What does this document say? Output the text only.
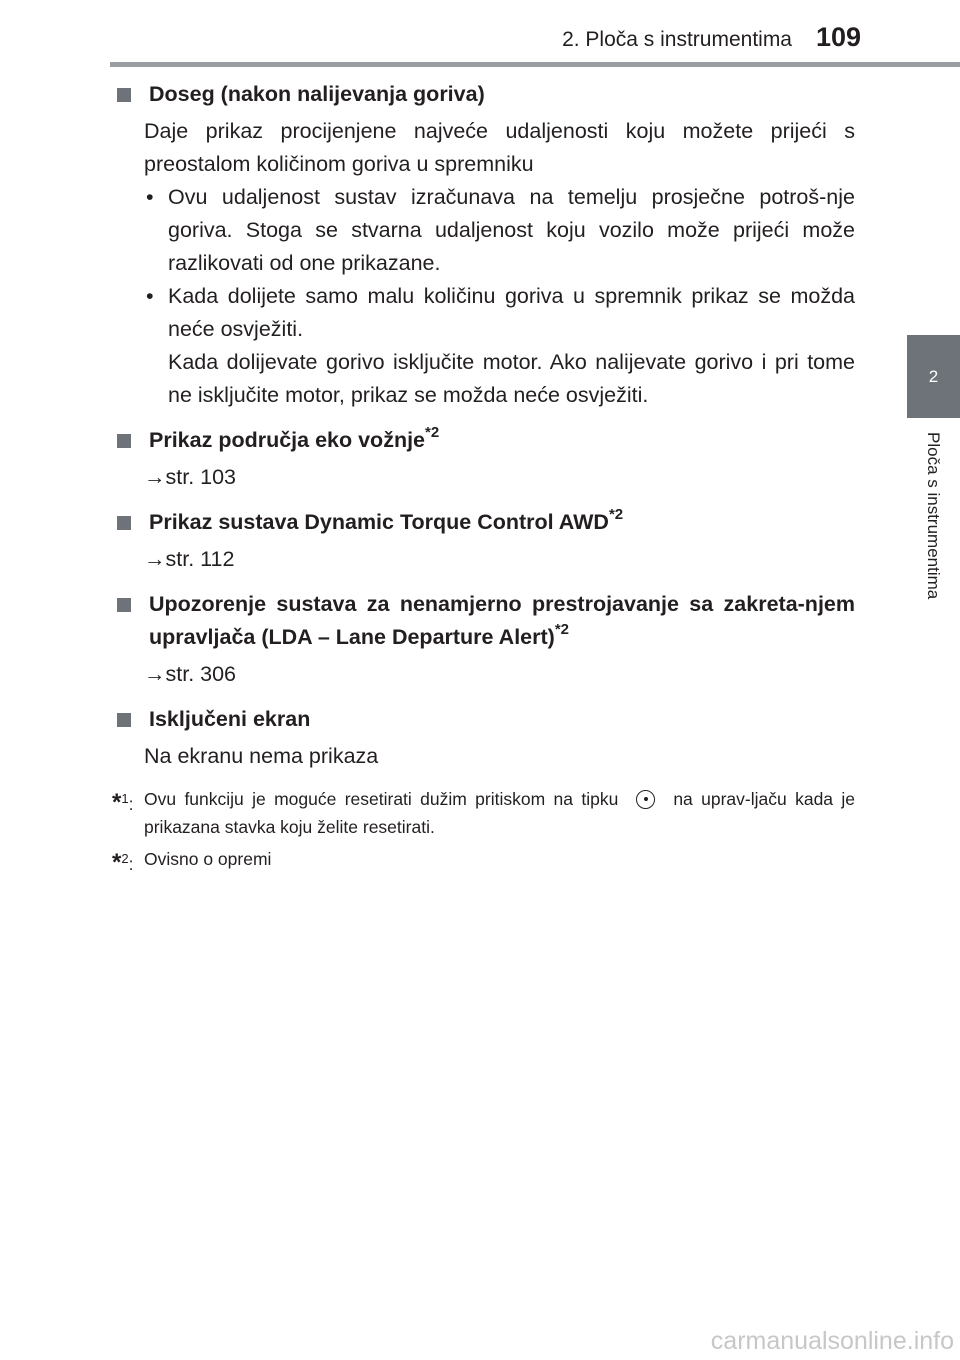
2. Ploča s instrumentima 109
2
Ploča s instrumentima
Doseg (nakon nalijevanja goriva)
Daje prikaz procijenjene najveće udaljenosti koju možete prijeći s preostalom količinom goriva u spremniku
• Ovu udaljenost sustav izračunava na temelju prosječne potroš-nje goriva. Stoga se stvarna udaljenost koju vozilo može prijeći može razlikovati od one prikazane.
• Kada dolijete samo malu količinu goriva u spremnik prikaz se možda neće osvježiti.
Kada dolijevate gorivo isključite motor. Ako nalijevate gorivo i pri tome ne isključite motor, prikaz se možda neće osvježiti.
Prikaz područja eko vožnje$^{*2}$
→str. 103
Prikaz sustava Dynamic Torque Control $AWD^{*2}$
→str. 112
Upozorenje sustava za nenamjerno prestrojavanje sa zakreta-njem upravljača (LDA – Lane Departure Alert)$^{*2}$
→str. 306
Isključeni ekran
Na ekranu nema prikaza
*$^1$: Ovu funkciju je moguće resetirati dužim pritiskom na tipku	na uprav-ljaču kada je prikazana stavka koju želite resetirati.
*$^2$: Ovisno o opremi
carmanualsonline.info
